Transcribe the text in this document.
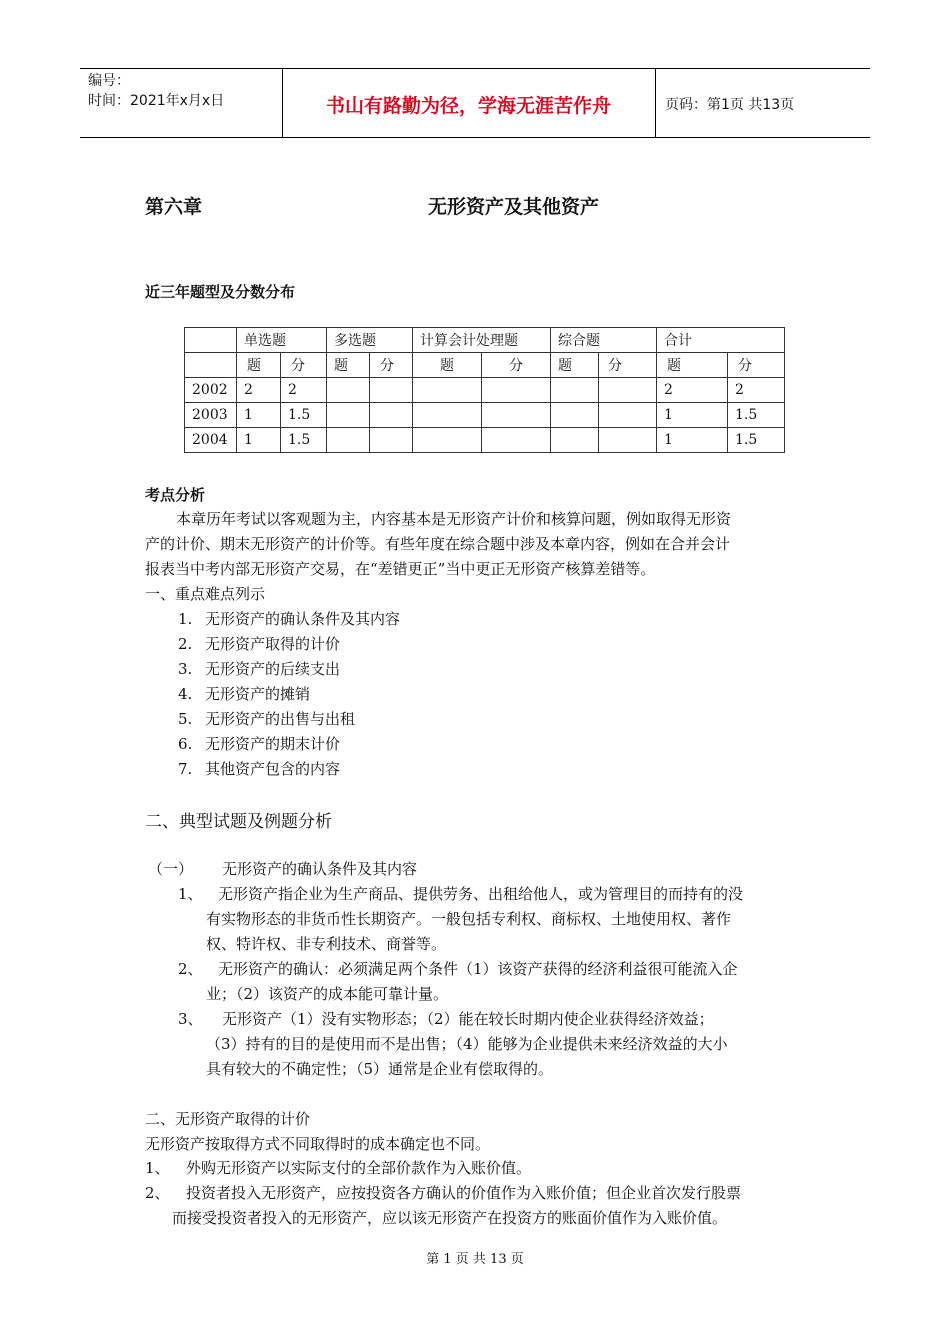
编号：
时间：2021年x月x日	书山有路勤为径，学海无涯苦作舟	页码：第1页 共13页
第六章	无形资产及其他资产
近三年题型及分数分布
	单选题		多选题		计算会计处理题		综合题		合计	
	题	分	题	分	题	分	题	分	题	分
2002	2	2							2	2
2003	1	1.5							1	1.5
2004	1	1.5							1	1.5
考点分析
本章历年考试以客观题为主，内容基本是无形资产计价和核算问题，例如取得无形资
产的计价、期末无形资产的计价等。有些年度在综合题中涉及本章内容，例如在合并会计
报表当中考内部无形资产交易，在“差错更正”当中更正无形资产核算差错等。
一、重点难点列示
1. 无形资产的确认条件及其内容
2. 无形资产取得的计价
3. 无形资产的后续支出
4. 无形资产的摊销
5. 无形资产的出售与出租
6. 无形资产的期末计价
7. 其他资产包含的内容
二、典型试题及例题分析
（一） 无形资产的确认条件及其内容
1、 无形资产指企业为生产商品、提供劳务、出租给他人，或为管理目的而持有的没
有实物形态的非货币性长期资产。一般包括专利权、商标权、土地使用权、著作
权、特许权、非专利技术、商誉等。
2、 无形资产的确认：必须满足两个条件（1）该资产获得的经济利益很可能流入企
业；（2）该资产的成本能可靠计量。
3、 无形资产（1）没有实物形态；（2）能在较长时期内使企业获得经济效益；
（3）持有的目的是使用而不是出售；（4）能够为企业提供未来经济效益的大小
具有较大的不确定性；（5）通常是企业有偿取得的。
二、无形资产取得的计价
无形资产按取得方式不同取得时的成本确定也不同。
1、 外购无形资产以实际支付的全部价款作为入账价值。
2、 投资者投入无形资产，应按投资各方确认的价值作为入账价值；但企业首次发行股票
而接受投资者投入的无形资产，应以该无形资产在投资方的账面价值作为入账价值。
第 1 页 共 13 页
